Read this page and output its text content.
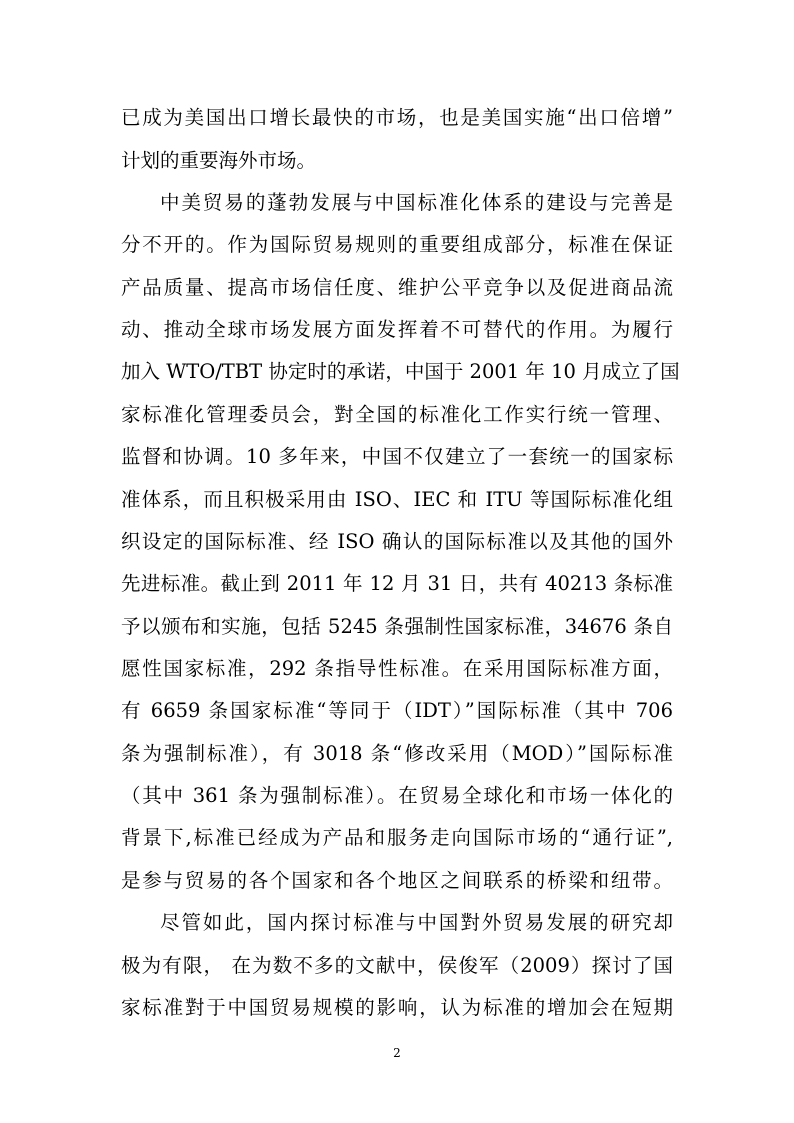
已成为美国出口增长最快的市场，也是美国实施“出口倍增”
计划的重要海外市场。
中美贸易的蓬勃发展与中国标准化体系的建设与完善是
分不开的。作为国际贸易规则的重要组成部分，标准在保证
产品质量、提高市场信任度、维护公平竞争以及促进商品流
动、推动全球市场发展方面发挥着不可替代的作用。为履行
加入 WTO/TBT 协定时的承诺，中国于 2001 年 10 月成立了国
家标准化管理委员会，對全国的标准化工作实行统一管理、
监督和协调。10 多年来，中国不仅建立了一套统一的国家标
准体系，而且积极采用由 ISO、IEC 和 ITU 等国际标准化组
织设定的国际标准、经 ISO 确认的国际标准以及其他的国外
先进标准。截止到 2011 年 12 月 31 日，共有 40213 条标准
予以颁布和实施，包括 5245 条强制性国家标准，34676 条自
愿性国家标准，292 条指导性标准。在采用国际标准方面，
有 6659 条国家标准“等同于（IDT）”国际标准（其中 706
条为强制标准），有 3018 条“修改采用（MOD）”国际标准
（其中 361 条为强制标准）。在贸易全球化和市场一体化的
背景下,标准已经成为产品和服务走向国际市场的“通行证”,
是参与贸易的各个国家和各个地区之间联系的桥梁和纽带。
尽管如此，国内探讨标准与中国對外贸易发展的研究却
极为有限， 在为数不多的文献中，侯俊军（2009）探讨了国
家标准對于中国贸易规模的影响，认为标准的增加会在短期
2
